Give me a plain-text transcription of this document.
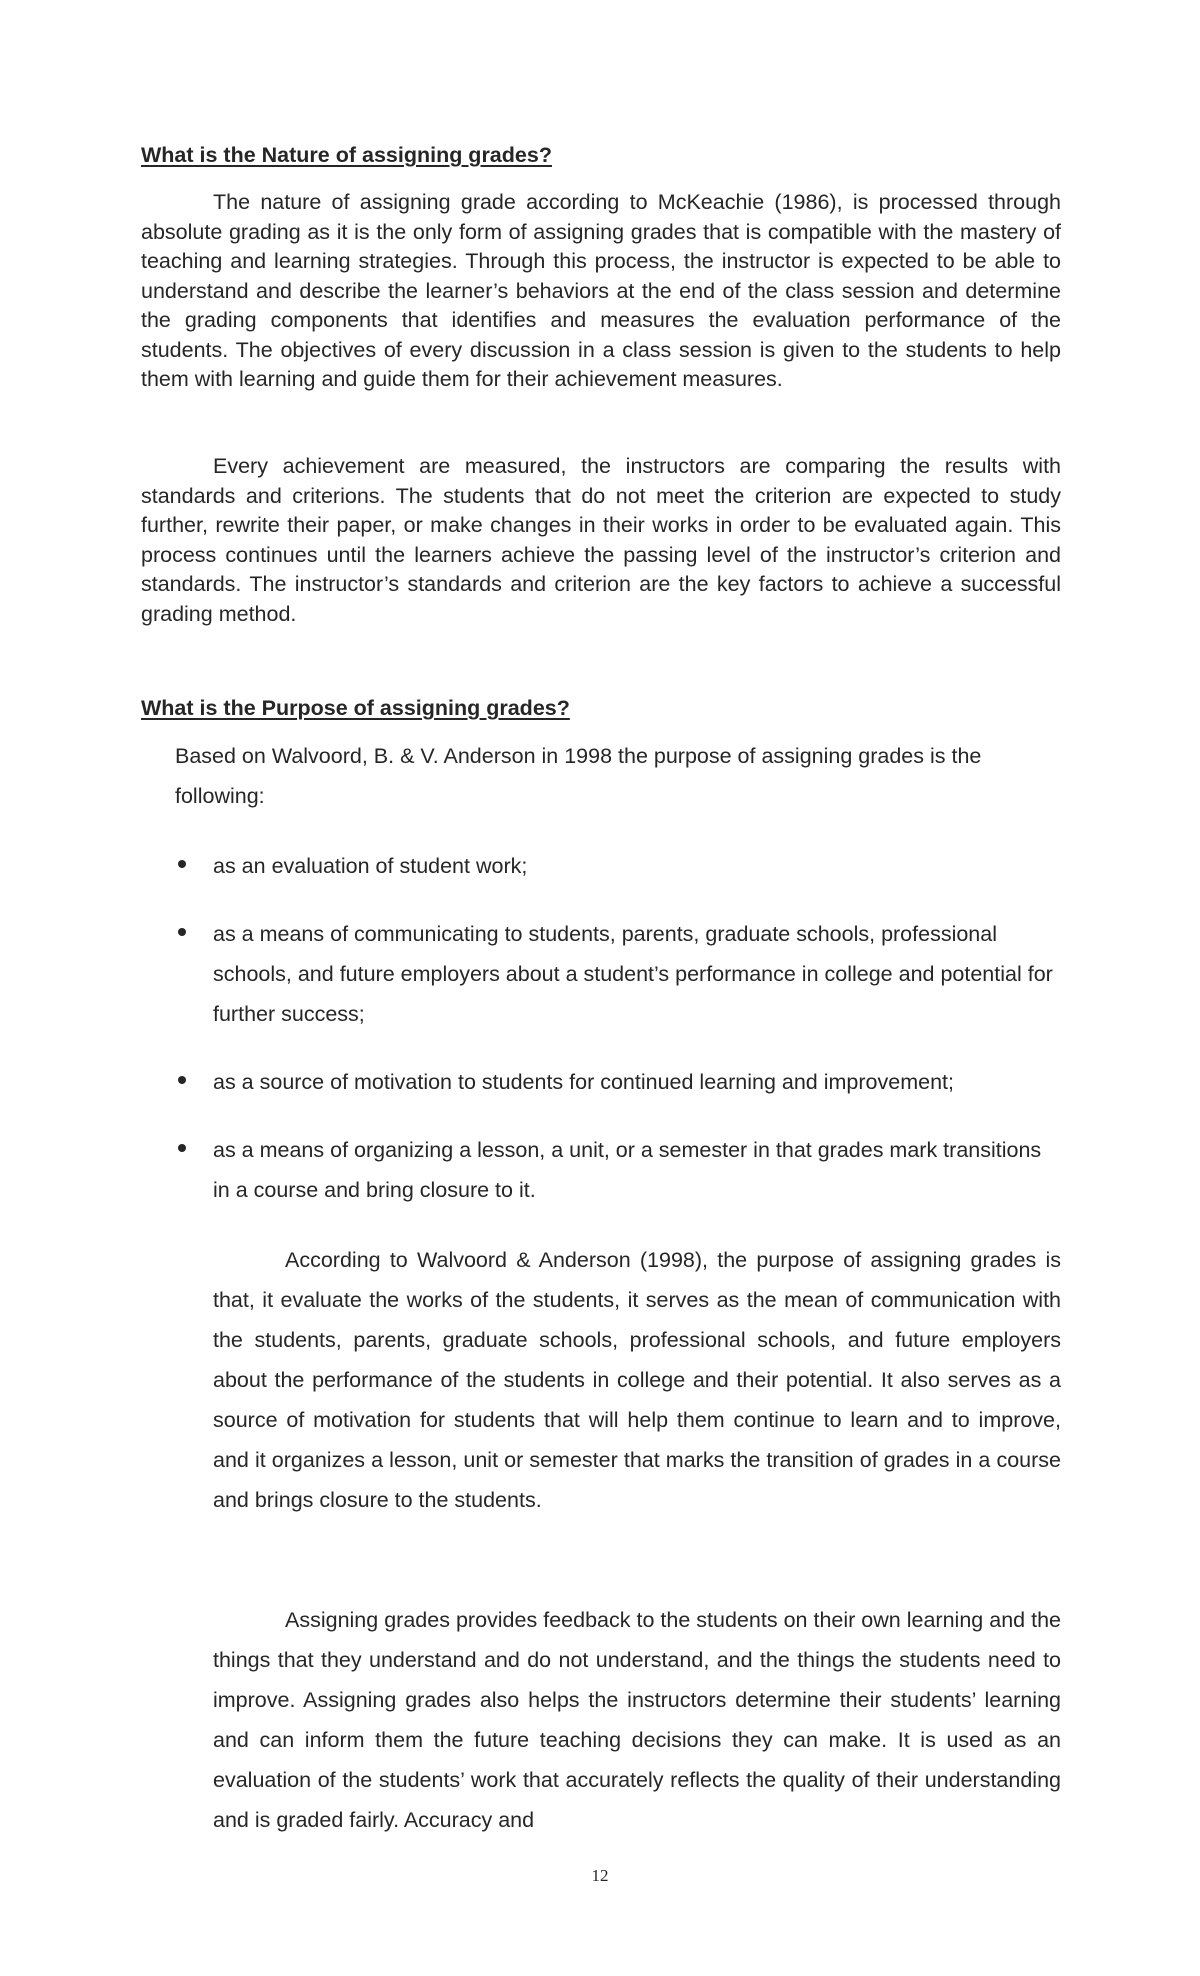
What is the Nature of assigning grades?

The nature of assigning grade according to McKeachie (1986), is processed through absolute grading as it is the only form of assigning grades that is compatible with the mastery of teaching and learning strategies. Through this process, the instructor is expected to be able to understand and describe the learner’s behaviors at the end of the class session and determine the grading components that identifies and measures the evaluation performance of the students. The objectives of every discussion in a class session is given to the students to help them with learning and guide them for their achievement measures.

Every achievement are measured, the instructors are comparing the results with standards and criterions. The students that do not meet the criterion are expected to study further, rewrite their paper, or make changes in their works in order to be evaluated again. This process continues until the learners achieve the passing level of the instructor’s criterion and standards. The instructor’s standards and criterion are the key factors to achieve a successful grading method.

What is the Purpose of assigning grades?

Based on Walvoord, B. & V. Anderson in 1998 the purpose of assigning grades is the following:

as an evaluation of student work;
as a means of communicating to students, parents, graduate schools, professional schools, and future employers about a student’s performance in college and potential for further success;
as a source of motivation to students for continued learning and improvement;
as a means of organizing a lesson, a unit, or a semester in that grades mark transitions in a course and bring closure to it.

According to Walvoord & Anderson (1998), the purpose of assigning grades is that, it evaluate the works of the students, it serves as the mean of communication with the students, parents, graduate schools, professional schools, and future employers about the performance of the students in college and their potential. It also serves as a source of motivation for students that will help them continue to learn and to improve, and it organizes a lesson, unit or semester that marks the transition of grades in a course and brings closure to the students.

Assigning grades provides feedback to the students on their own learning and the things that they understand and do not understand, and the things the students need to improve. Assigning grades also helps the instructors determine their students’ learning and can inform them the future teaching decisions they can make. It is used as an evaluation of the students’ work that accurately reflects the quality of their understanding and is graded fairly. Accuracy and

12
